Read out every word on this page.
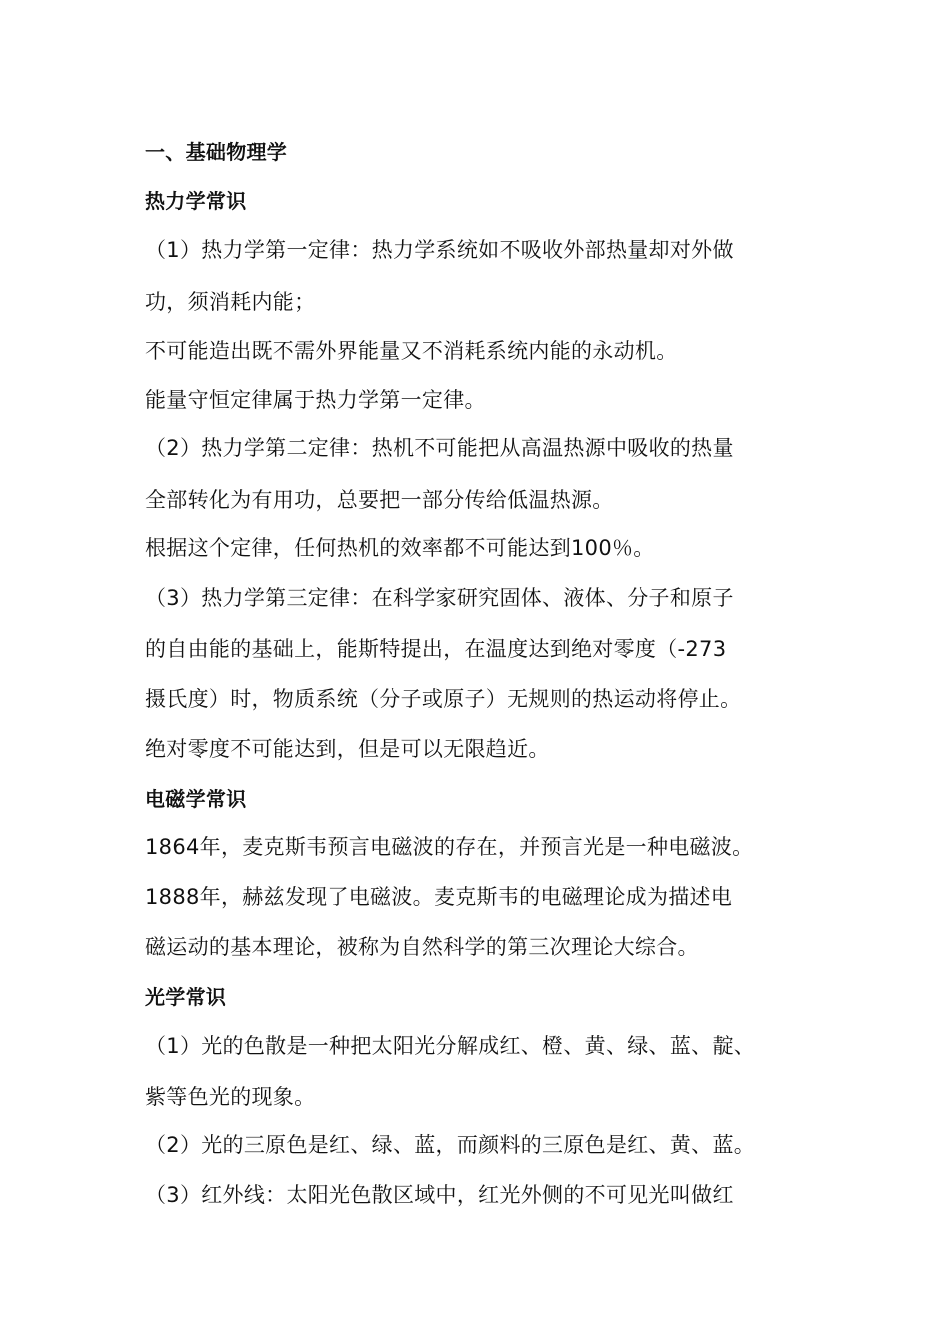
一、基础物理学
热力学常识
（1）热力学第一定律：热力学系统如不吸收外部热量却对外做
功，须消耗内能；
不可能造出既不需外界能量又不消耗系统内能的永动机。
能量守恒定律属于热力学第一定律。
（2）热力学第二定律：热机不可能把从高温热源中吸收的热量
全部转化为有用功，总要把一部分传给低温热源。
根据这个定律，任何热机的效率都不可能达到100％。
（3）热力学第三定律：在科学家研究固体、液体、分子和原子
的自由能的基础上，能斯特提出，在温度达到绝对零度（-273
摄氏度）时，物质系统（分子或原子）无规则的热运动将停止。
绝对零度不可能达到，但是可以无限趋近。
电磁学常识
1864年，麦克斯韦预言电磁波的存在，并预言光是一种电磁波。
1888年，赫兹发现了电磁波。麦克斯韦的电磁理论成为描述电
磁运动的基本理论，被称为自然科学的第三次理论大综合。
光学常识
（1）光的色散是一种把太阳光分解成红、橙、黄、绿、蓝、靛、
紫等色光的现象。
（2）光的三原色是红、绿、蓝，而颜料的三原色是红、黄、蓝。
（3）红外线：太阳光色散区域中，红光外侧的不可见光叫做红
